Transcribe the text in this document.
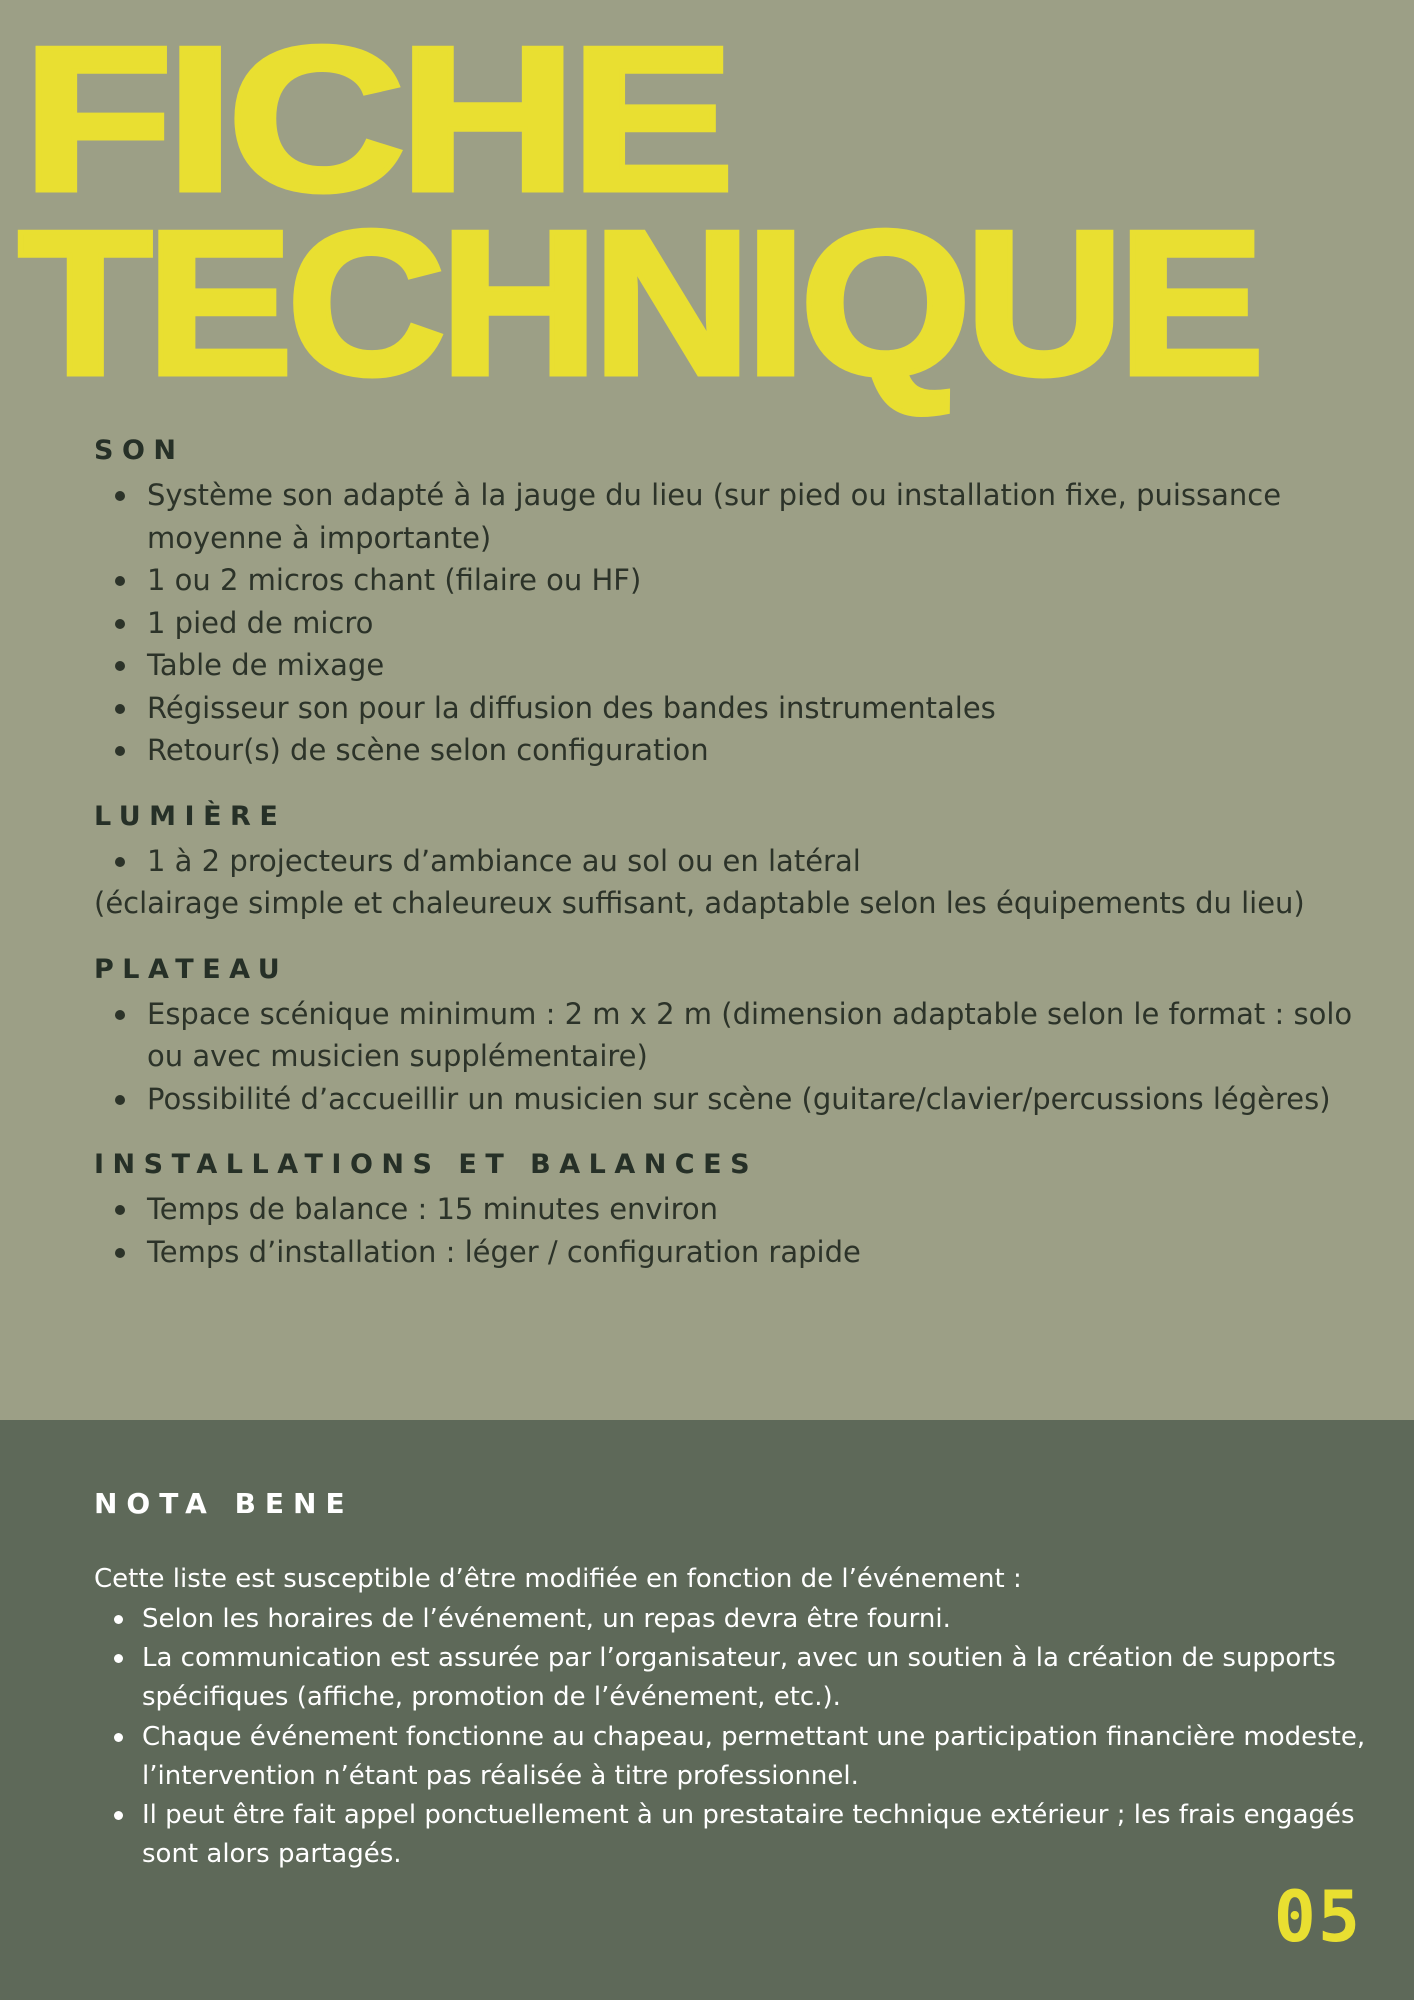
FICHE
TECHNIQUE
SON
Système son adapté à la jauge du lieu (sur pied ou installation fixe, puissance moyenne à importante)
1 ou 2 micros chant (filaire ou HF)
1 pied de micro
Table de mixage
Régisseur son pour la diffusion des bandes instrumentales
Retour(s) de scène selon configuration
LUMIÈRE
1 à 2 projecteurs d’ambiance au sol ou en latéral

(éclairage simple et chaleureux suffisant, adaptable selon les équipements du lieu)

PLATEAU
Espace scénique minimum : 2 m x 2 m (dimension adaptable selon le format : solo ou avec musicien supplémentaire)
Possibilité d’accueillir un musicien sur scène (guitare/clavier/percussions légères)
INSTALLATIONS ET BALANCES
Temps de balance : 15 minutes environ
Temps d’installation : léger / configuration rapide
NOTA BENE

Cette liste est susceptible d’être modifiée en fonction de l’événement :

Selon les horaires de l’événement, un repas devra être fourni.
La communication est assurée par l’organisateur, avec un soutien à la création de supports spécifiques (affiche, promotion de l’événement, etc.).
Chaque événement fonctionne au chapeau, permettant une participation financière modeste, l’intervention n’étant pas réalisée à titre professionnel.
Il peut être fait appel ponctuellement à un prestataire technique extérieur ; les frais engagés sont alors partagés.
05
